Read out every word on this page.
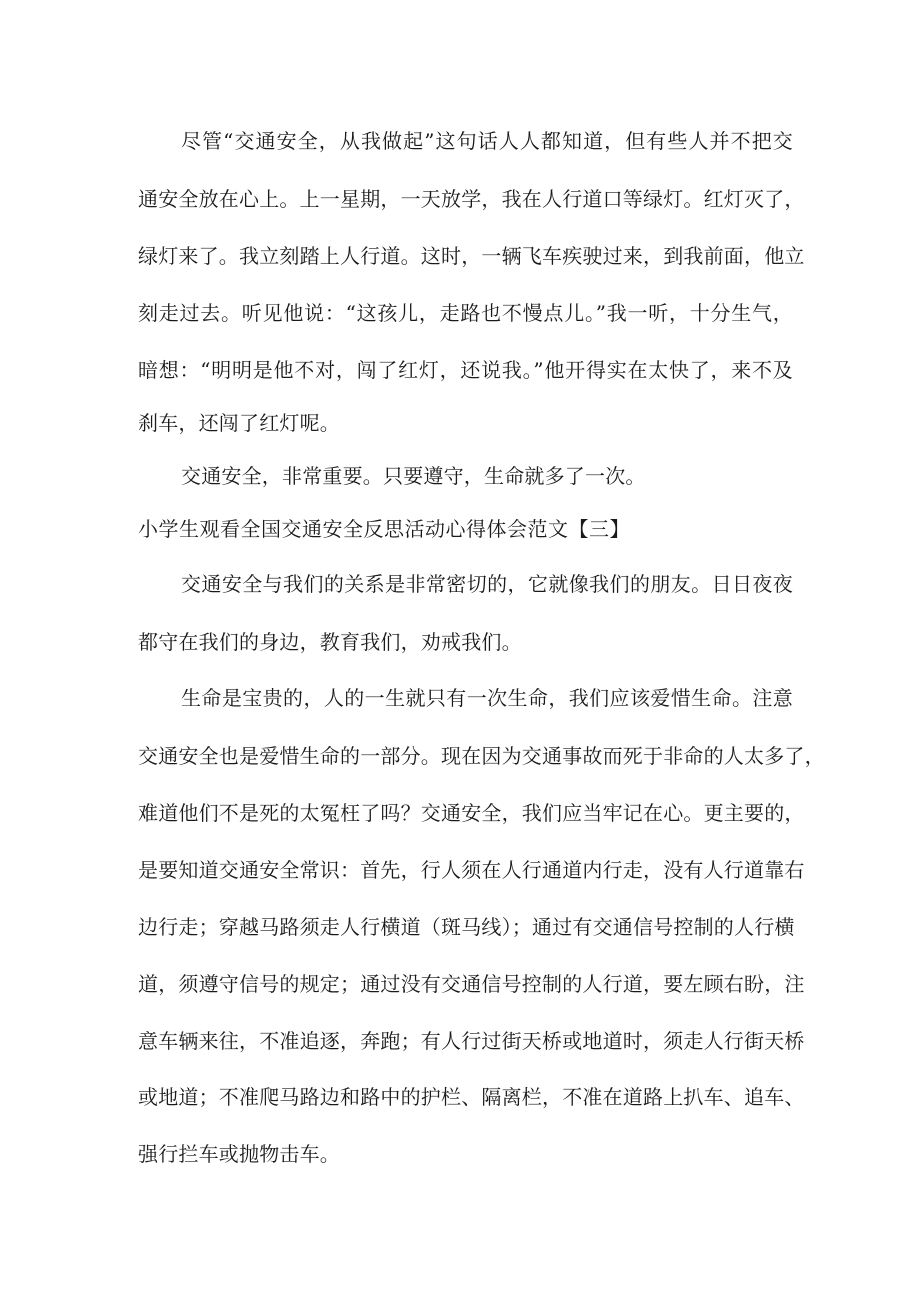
尽管“交通安全，从我做起”这句话人人都知道，但有些人并不把交
通安全放在心上。上一星期，一天放学，我在人行道口等绿灯。红灯灭了，
绿灯来了。我立刻踏上人行道。这时，一辆飞车疾驶过来，到我前面，他立
刻走过去。听见他说：“这孩儿，走路也不慢点儿。”我一听，十分生气，
暗想：“明明是他不对，闯了红灯，还说我。”他开得实在太快了，来不及
刹车，还闯了红灯呢。
交通安全，非常重要。只要遵守，生命就多了一次。
小学生观看全国交通安全反思活动心得体会范文【三】
交通安全与我们的关系是非常密切的，它就像我们的朋友。日日夜夜
都守在我们的身边，教育我们，劝戒我们。
生命是宝贵的，人的一生就只有一次生命，我们应该爱惜生命。注意
交通安全也是爱惜生命的一部分。现在因为交通事故而死于非命的人太多了，
难道他们不是死的太冤枉了吗？交通安全，我们应当牢记在心。更主要的，
是要知道交通安全常识：首先，行人须在人行通道内行走，没有人行道靠右
边行走；穿越马路须走人行横道（斑马线）；通过有交通信号控制的人行横
道，须遵守信号的规定；通过没有交通信号控制的人行道，要左顾右盼，注
意车辆来往，不准追逐，奔跑；有人行过街天桥或地道时，须走人行街天桥
或地道；不准爬马路边和路中的护栏、隔离栏，不准在道路上扒车、追车、
强行拦车或抛物击车。
